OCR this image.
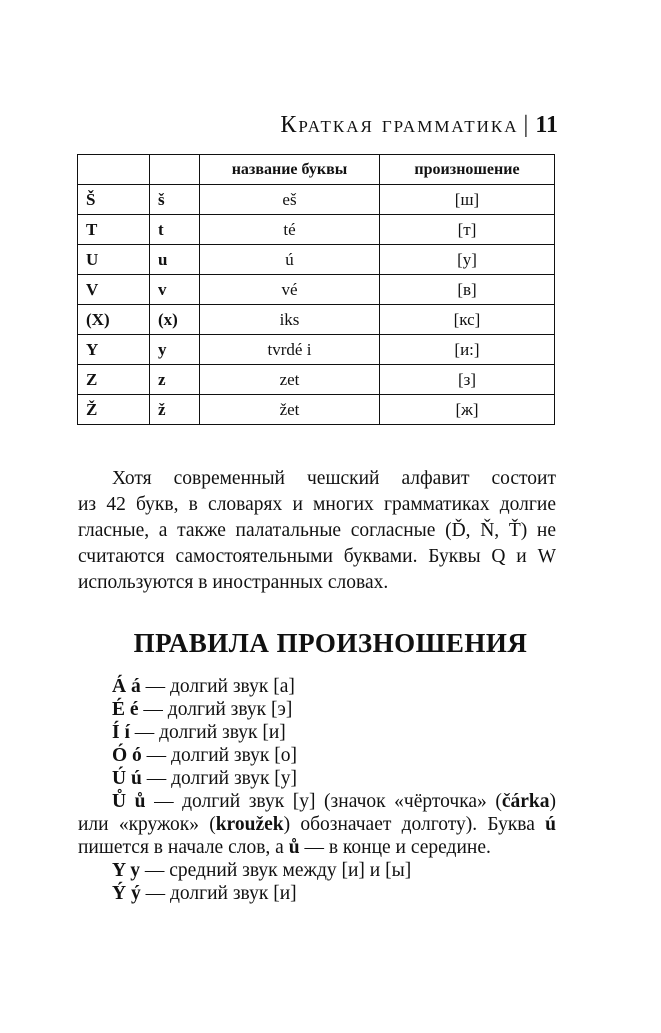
Краткая грамматика | 11
		название буквы	произношение
Š	š	eš	[ш]
T	t	té	[т]
U	u	ú	[у]
V	v	vé	[в]
(X)	(x)	iks	[кс]
Y	y	tvrdé i	[и:]
Z	z	zet	[з]
Ž	ž	žet	[ж]

Хотя современный чешский алфавит состоит
из 42 букв, в словарях и многих грамматиках долгие
гласные, а также палатальные согласные (Ď, Ň, Ť) не
считаются самостоятельными буквами. Буквы Q и W
используются в иностранных словах.

ПРАВИЛА ПРОИЗНОШЕНИЯ
Á á — долгий звук [а]
É é — долгий звук [э]
Í í — долгий звук [и]
Ó ó — долгий звук [о]
Ú ú — долгий звук [у]
Ů ů — долгий звук [у] (значок «чёрточка» (čárka)
или «кружок» (kroužek) обозначает долготу). Буква ú
пишется в начале слов, а ů — в конце и середине.
Y y — средний звук между [и] и [ы]
Ý ý — долгий звук [и]
